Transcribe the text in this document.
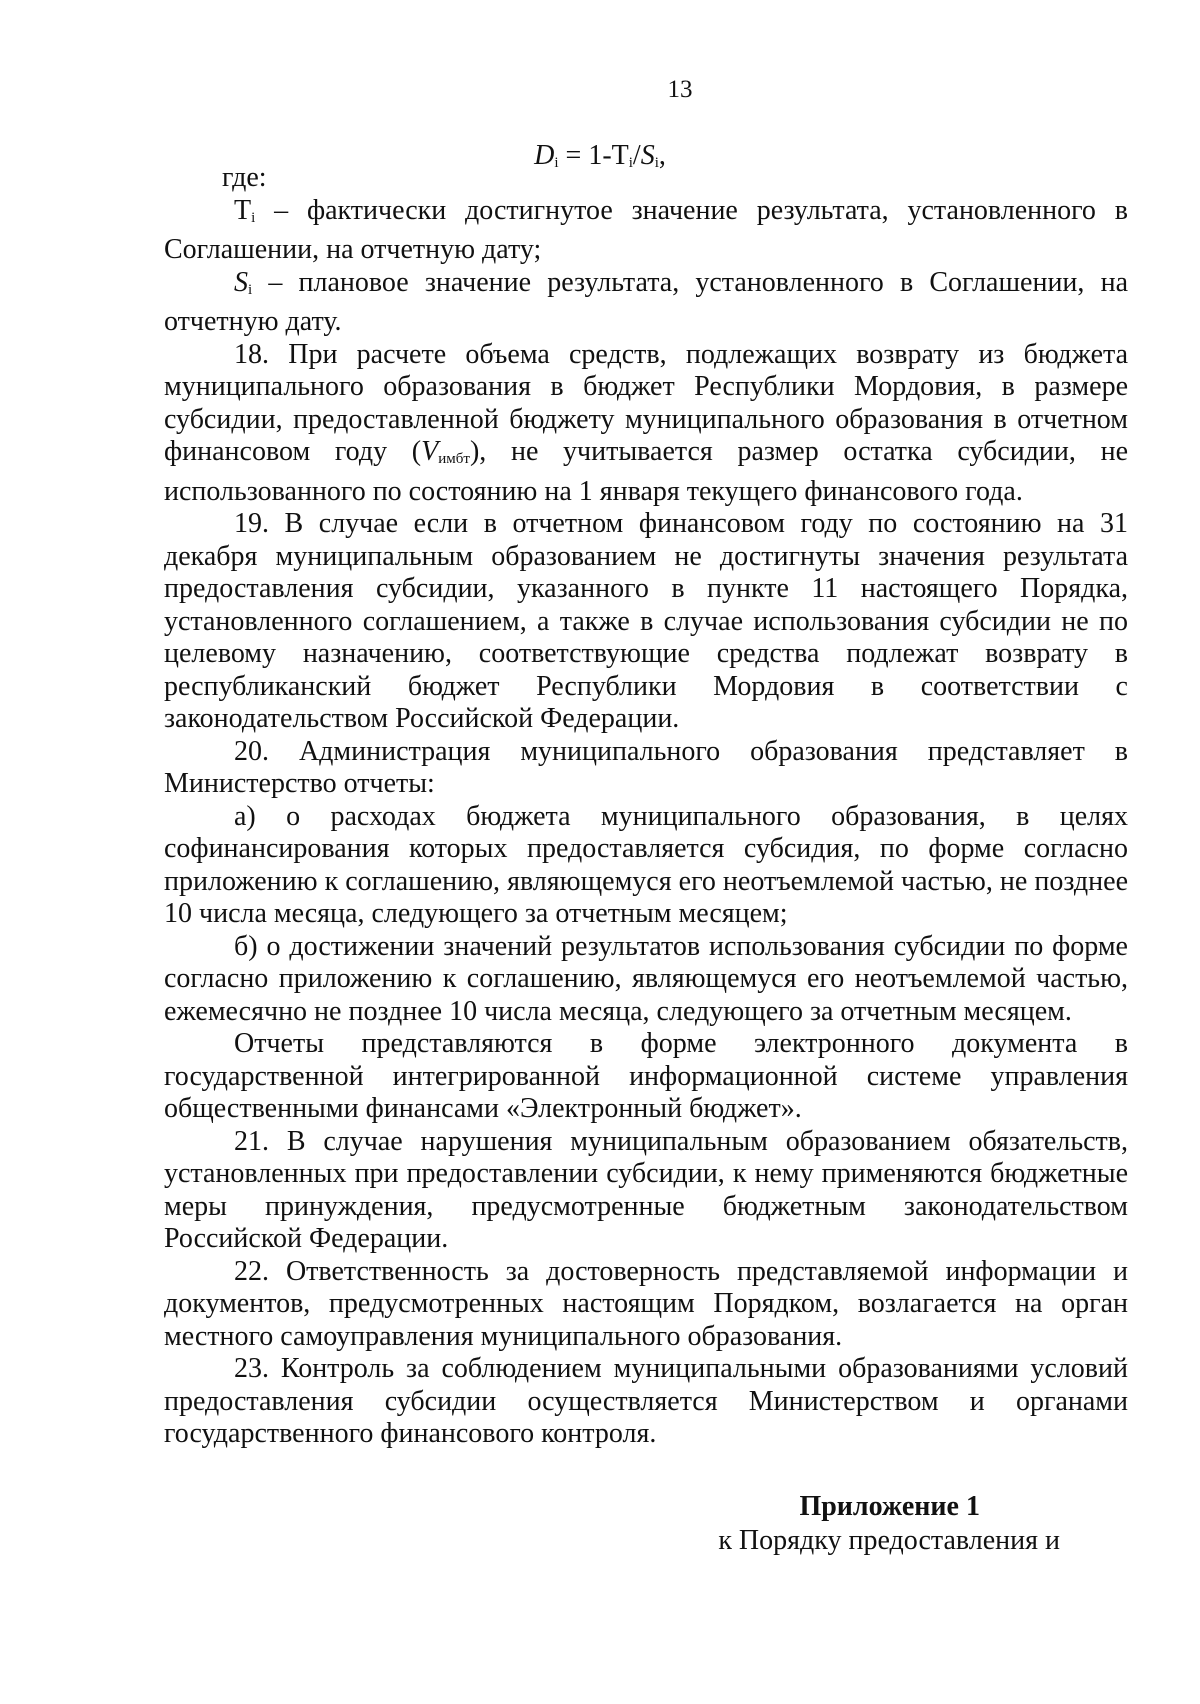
13
$D_i = 1-T_i/S_i$,

где:

$T_i$ – фактически достигнутое значение результата, установленного в Соглашении, на отчетную дату;

$S_i$ – плановое значение результата, установленного в Соглашении, на отчетную дату.

18. При расчете объема средств, подлежащих возврату из бюджета муниципального образования в бюджет Республики Мордовия, в размере субсидии, предоставленной бюджету муниципального образования в отчетном финансовом году $(V_{имбт})$, не учитывается размер остатка субсидии, не использованного по состоянию на 1 января текущего финансового года.

19. В случае если в отчетном финансовом году по состоянию на 31 декабря муниципальным образованием не достигнуты значения результата предоставления субсидии, указанного в пункте 11 настоящего Порядка, установленного соглашением, а также в случае использования субсидии не по целевому назначению, соответствующие средства подлежат возврату в республиканский бюджет Республики Мордовия в соответствии с законодательством Российской Федерации.

20. Администрация муниципального образования представляет в Министерство отчеты:

а) о расходах бюджета муниципального образования, в целях софинансирования которых предоставляется субсидия, по форме согласно приложению к соглашению, являющемуся его неотъемлемой частью, не позднее 10 числа месяца, следующего за отчетным месяцем;

б) о достижении значений результатов использования субсидии по форме согласно приложению к соглашению, являющемуся его неотъемлемой частью, ежемесячно не позднее 10 числа месяца, следующего за отчетным месяцем.

Отчеты представляются в форме электронного документа в государственной интегрированной информационной системе управления общественными финансами «Электронный бюджет».

21. В случае нарушения муниципальным образованием обязательств, установленных при предоставлении субсидии, к нему применяются бюджетные меры принуждения, предусмотренные бюджетным законодательством Российской Федерации.

22. Ответственность за достоверность представляемой информации и документов, предусмотренных настоящим Порядком, возлагается на орган местного самоуправления муниципального образования.

23. Контроль за соблюдением муниципальными образованиями условий предоставления субсидии осуществляется Министерством и органами государственного финансового контроля.

Приложение 1
к Порядку предоставления и
